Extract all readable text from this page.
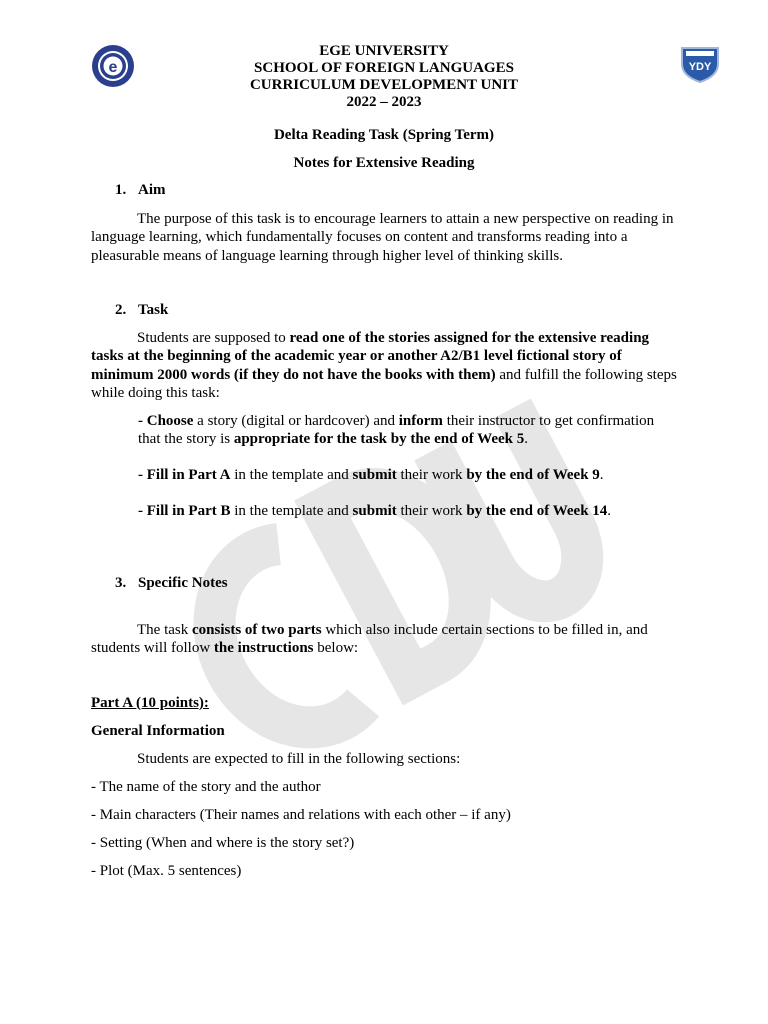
e	YDY
EGE UNIVERSITY
SCHOOL OF FOREIGN LANGUAGES
CURRICULUM DEVELOPMENT UNIT
2022 – 2023
Delta Reading Task (Spring Term)
Notes for Extensive Reading
1. Aim
The purpose of this task is to encourage learners to attain a new perspective on reading in language learning, which fundamentally focuses on content and transforms reading into a pleasurable means of language learning through higher level of thinking skills.
2. Task
Students are supposed to read one of the stories assigned for the extensive reading tasks at the beginning of the academic year or another A2/B1 level fictional story of minimum 2000 words (if they do not have the books with them) and fulfill the following steps while doing this task:
- Choose a story (digital or hardcover) and inform their instructor to get confirmation that the story is appropriate for the task by the end of Week 5.
- Fill in Part A in the template and submit their work by the end of Week 9.
- Fill in Part B in the template and submit their work by the end of Week 14.
3. Specific Notes
The task consists of two parts which also include certain sections to be filled in, and students will follow the instructions below:
Part A (10 points):
General Information
Students are expected to fill in the following sections:
- The name of the story and the author
- Main characters (Their names and relations with each other – if any)
- Setting (When and where is the story set?)
- Plot (Max. 5 sentences)
